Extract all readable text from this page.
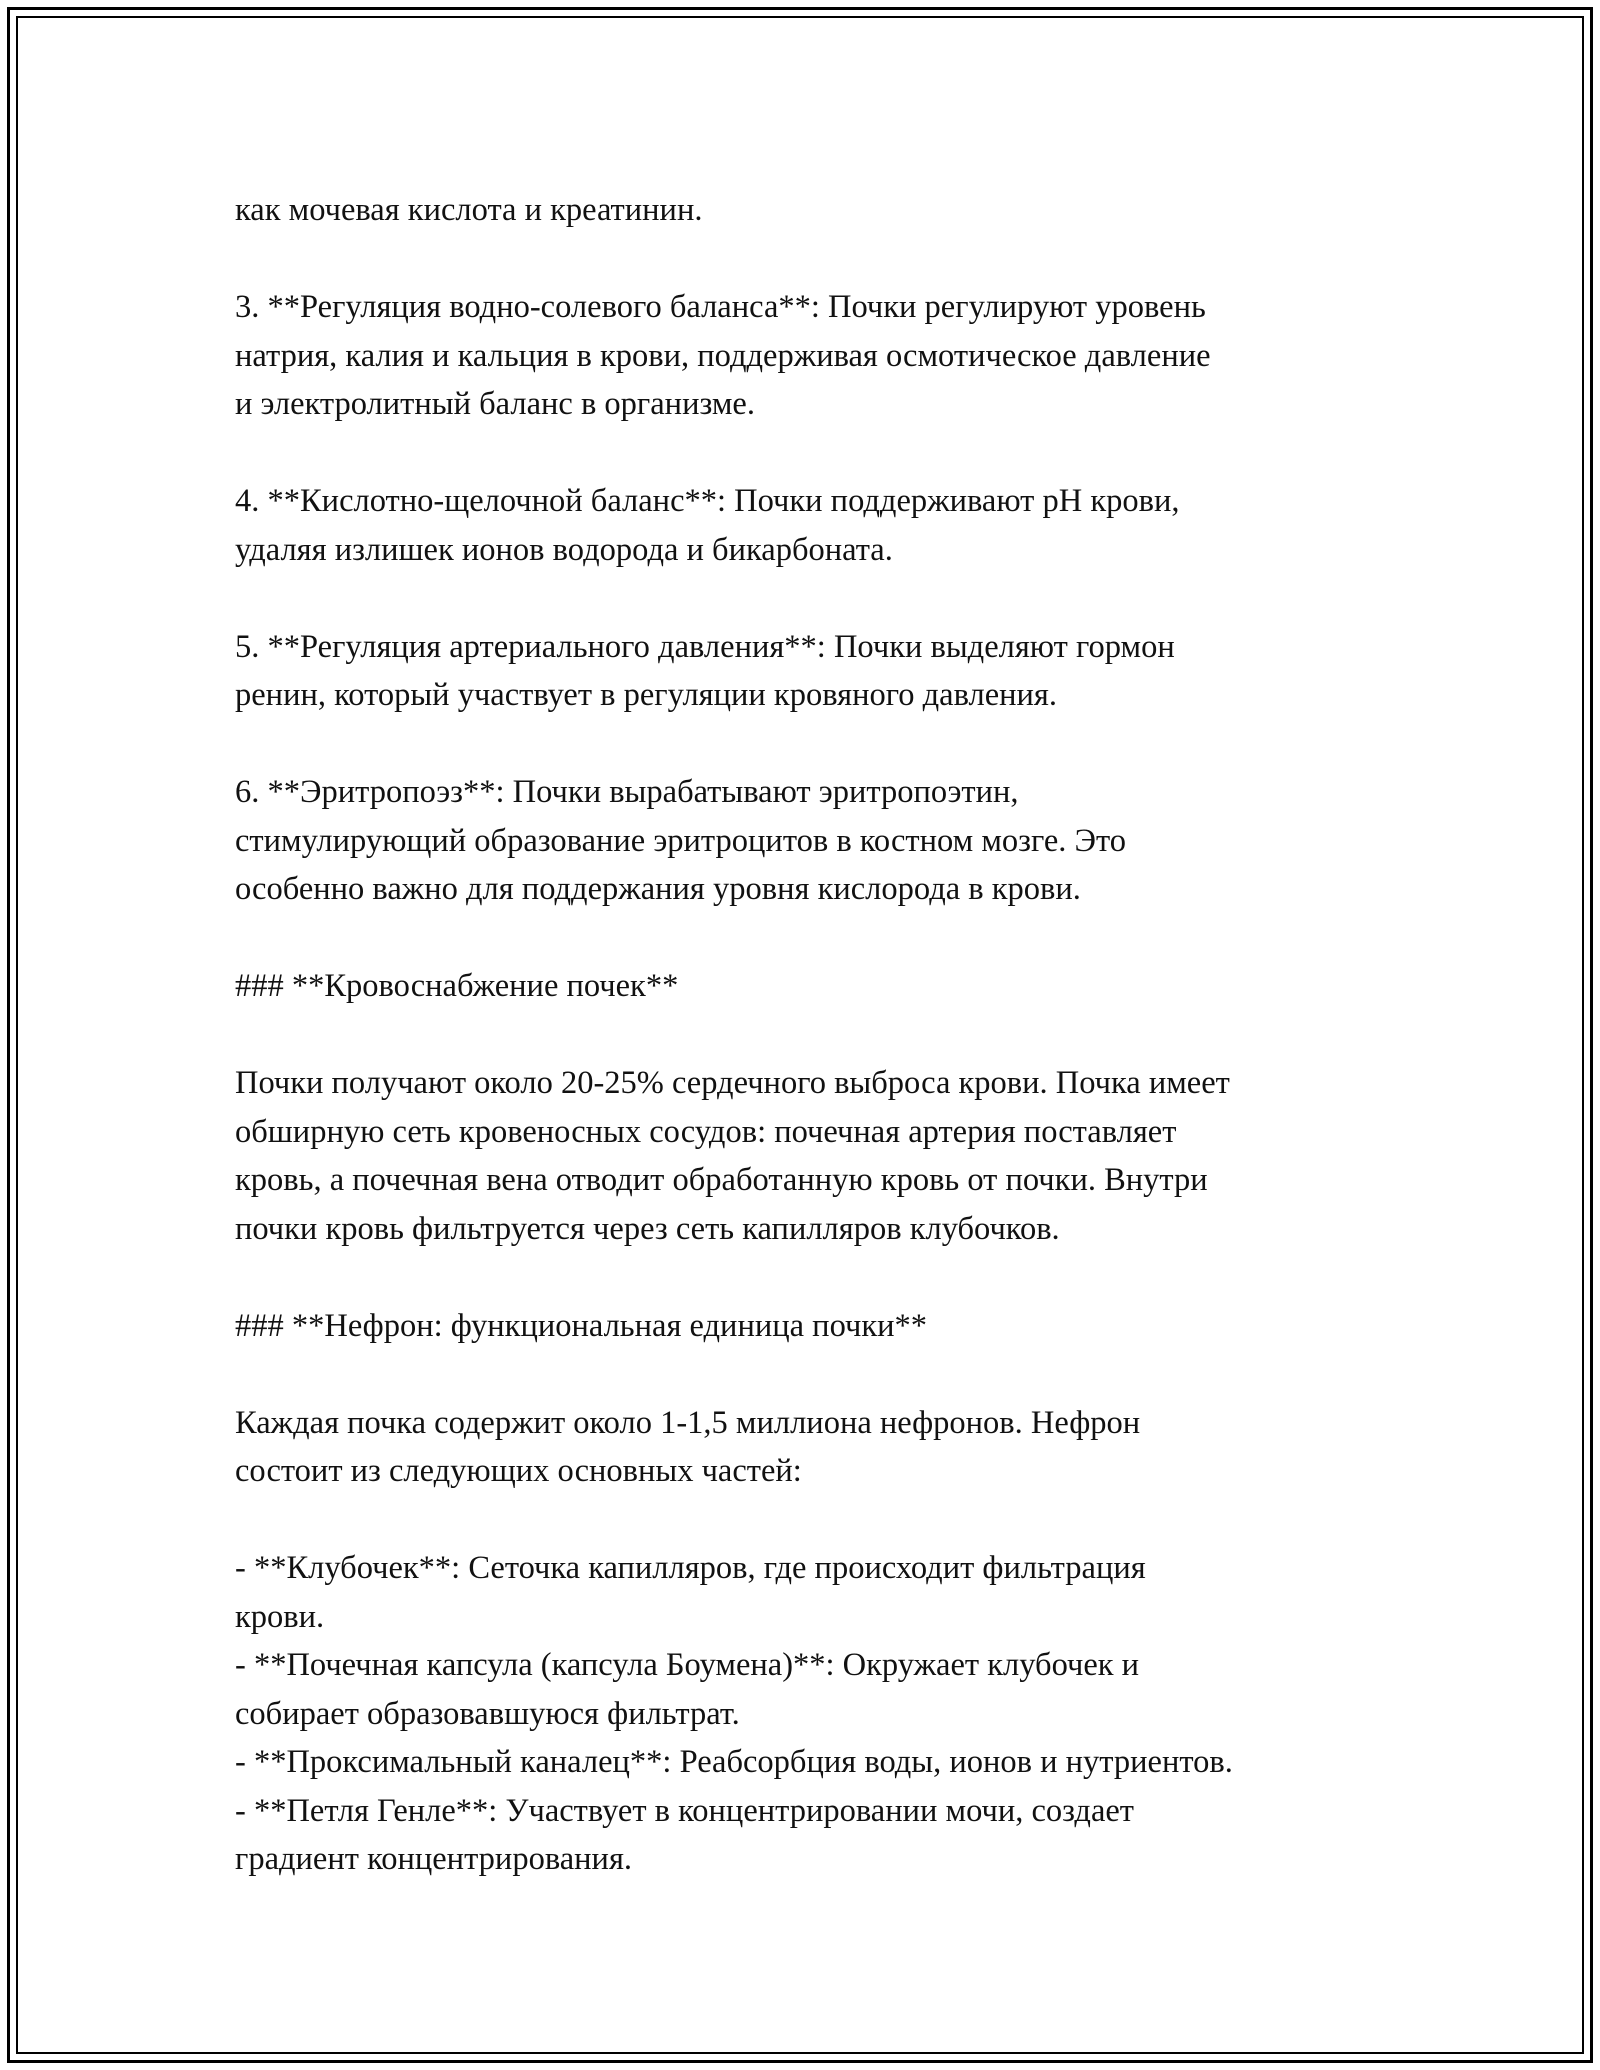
как мочевая кислота и креатинин.
3. **Регуляция водно-солевого баланса**: Почки регулируют уровень
натрия, калия и кальция в крови, поддерживая осмотическое давление
и электролитный баланс в организме.
4. **Кислотно-щелочной баланс**: Почки поддерживают pH крови,
удаляя излишек ионов водорода и бикарбоната.
5. **Регуляция артериального давления**: Почки выделяют гормон
ренин, который участвует в регуляции кровяного давления.
6. **Эритропоэз**: Почки вырабатывают эритропоэтин,
стимулирующий образование эритроцитов в костном мозге. Это
особенно важно для поддержания уровня кислорода в крови.
### **Кровоснабжение почек**
Почки получают около 20-25% сердечного выброса крови. Почка имеет
обширную сеть кровеносных сосудов: почечная артерия поставляет
кровь, а почечная вена отводит обработанную кровь от почки. Внутри
почки кровь фильтруется через сеть капилляров клубочков.
### **Нефрон: функциональная единица почки**
Каждая почка содержит около 1-1,5 миллиона нефронов. Нефрон
состоит из следующих основных частей:
- **Клубочек**: Сеточка капилляров, где происходит фильтрация
крови.
- **Почечная капсула (капсула Боумена)**: Окружает клубочек и
собирает образовавшуюся фильтрат.
- **Проксимальный каналец**: Реабсорбция воды, ионов и нутриентов.
- **Петля Генле**: Участвует в концентрировании мочи, создает
градиент концентрирования.
